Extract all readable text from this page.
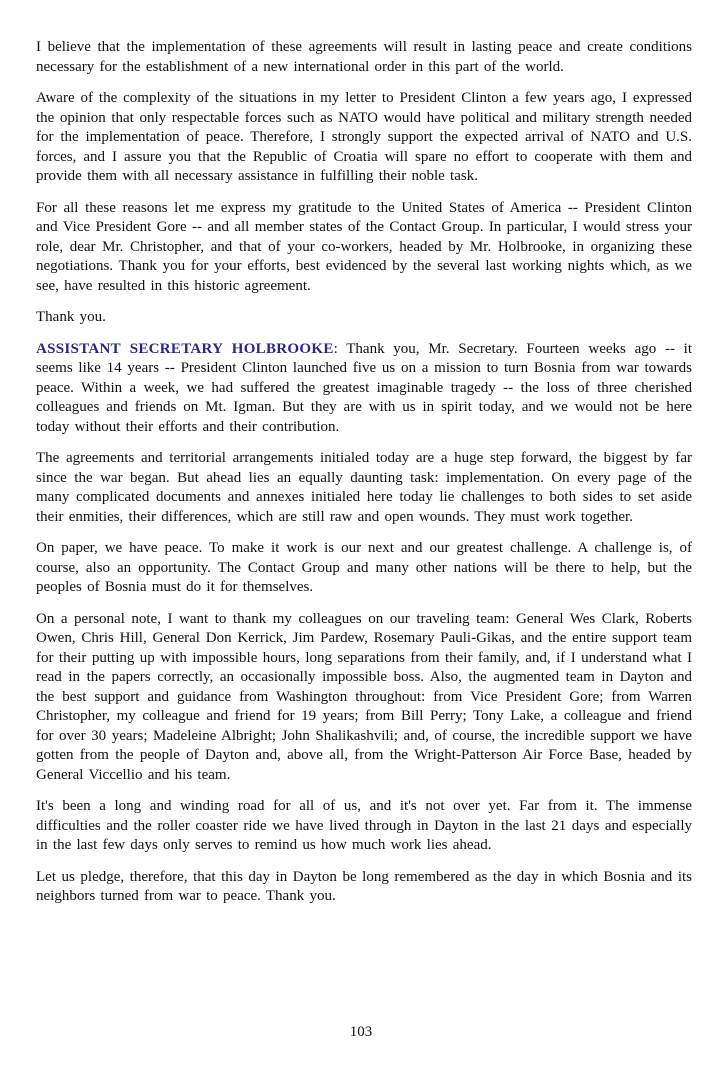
I believe that the implementation of these agreements will result in lasting peace and create conditions necessary for the establishment of a new international order in this part of the world.

Aware of the complexity of the situations in my letter to President Clinton a few years ago, I expressed the opinion that only respectable forces such as NATO would have political and military strength needed for the implementation of peace. Therefore, I strongly support the expected arrival of NATO and U.S. forces, and I assure you that the Republic of Croatia will spare no effort to cooperate with them and provide them with all necessary assistance in fulfilling their noble task.

For all these reasons let me express my gratitude to the United States of America -- President Clinton and Vice President Gore -- and all member states of the Contact Group. In particular, I would stress your role, dear Mr. Christopher, and that of your co-workers, headed by Mr. Holbrooke, in organizing these negotiations. Thank you for your efforts, best evidenced by the several last working nights which, as we see, have resulted in this historic agreement.

Thank you.

ASSISTANT SECRETARY HOLBROOKE: Thank you, Mr. Secretary. Fourteen weeks ago -- it seems like 14 years -- President Clinton launched five us on a mission to turn Bosnia from war towards peace. Within a week, we had suffered the greatest imaginable tragedy -- the loss of three cherished colleagues and friends on Mt. Igman. But they are with us in spirit today, and we would not be here today without their efforts and their contribution.

The agreements and territorial arrangements initialed today are a huge step forward, the biggest by far since the war began. But ahead lies an equally daunting task: implementation. On every page of the many complicated documents and annexes initialed here today lie challenges to both sides to set aside their enmities, their differences, which are still raw and open wounds. They must work together.

On paper, we have peace. To make it work is our next and our greatest challenge. A challenge is, of course, also an opportunity. The Contact Group and many other nations will be there to help, but the peoples of Bosnia must do it for themselves.

On a personal note, I want to thank my colleagues on our traveling team: General Wes Clark, Roberts Owen, Chris Hill, General Don Kerrick, Jim Pardew, Rosemary Pauli-Gikas, and the entire support team for their putting up with impossible hours, long separations from their family, and, if I understand what I read in the papers correctly, an occasionally impossible boss. Also, the augmented team in Dayton and the best support and guidance from Washington throughout: from Vice President Gore; from Warren Christopher, my colleague and friend for 19 years; from Bill Perry; Tony Lake, a colleague and friend for over 30 years; Madeleine Albright; John Shalikashvili; and, of course, the incredible support we have gotten from the people of Dayton and, above all, from the Wright-Patterson Air Force Base, headed by General Viccellio and his team.

It's been a long and winding road for all of us, and it's not over yet. Far from it. The immense difficulties and the roller coaster ride we have lived through in Dayton in the last 21 days and especially in the last few days only serves to remind us how much work lies ahead.

Let us pledge, therefore, that this day in Dayton be long remembered as the day in which Bosnia and its neighbors turned from war to peace. Thank you.

103
